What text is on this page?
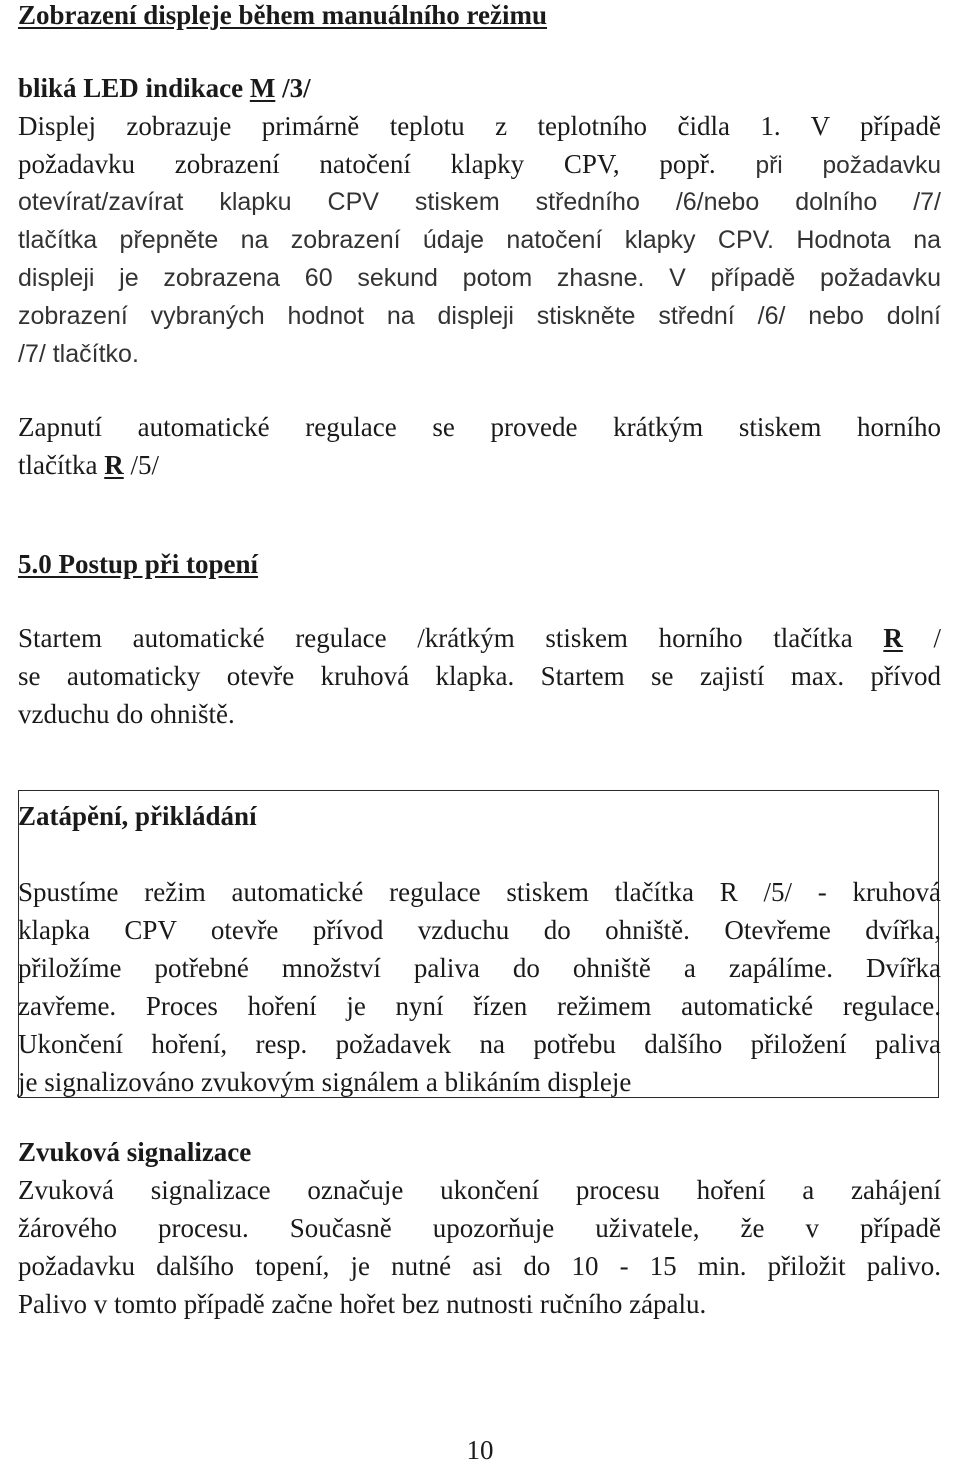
Zobrazení displeje během manuálního režimu
bliká LED indikace M /3/
Displej zobrazuje primárně teplotu z teplotního čidla 1. V případě
požadavku zobrazení natočení klapky CPV, popř. při požadavku
otevírat/zavírat klapku CPV stiskem středního /6/nebo dolního /7/
tlačítka přepněte na zobrazení údaje natočení klapky CPV. Hodnota na
displeji je zobrazena 60 sekund potom zhasne. V případě požadavku
zobrazení vybraných hodnot na displeji stiskněte střední /6/ nebo dolní
/7/ tlačítko.
Zapnutí automatické regulace se provede krátkým stiskem horního
tlačítka R /5/
5.0 Postup při topení
Startem automatické regulace /krátkým stiskem horního tlačítka R /
se automaticky otevře kruhová klapka. Startem se zajistí max. přívod
vzduchu do ohniště.
Zatápění, přikládání
Spustíme režim automatické regulace stiskem tlačítka R /5/ - kruhová
klapka CPV otevře přívod vzduchu do ohniště. Otevřeme dvířka,
přiložíme potřebné množství paliva do ohniště a zapálíme. Dvířka
zavřeme. Proces hoření je nyní řízen režimem automatické regulace.
Ukončení hoření, resp. požadavek na potřebu dalšího přiložení paliva
je signalizováno zvukovým signálem a blikáním displeje
Zvuková signalizace
Zvuková signalizace označuje ukončení procesu hoření a zahájení
žárového procesu. Současně upozorňuje uživatele, že v případě
požadavku dalšího topení, je nutné asi do 10 - 15 min. přiložit palivo.
Palivo v tomto případě začne hořet bez nutnosti ručního zápalu.
10
